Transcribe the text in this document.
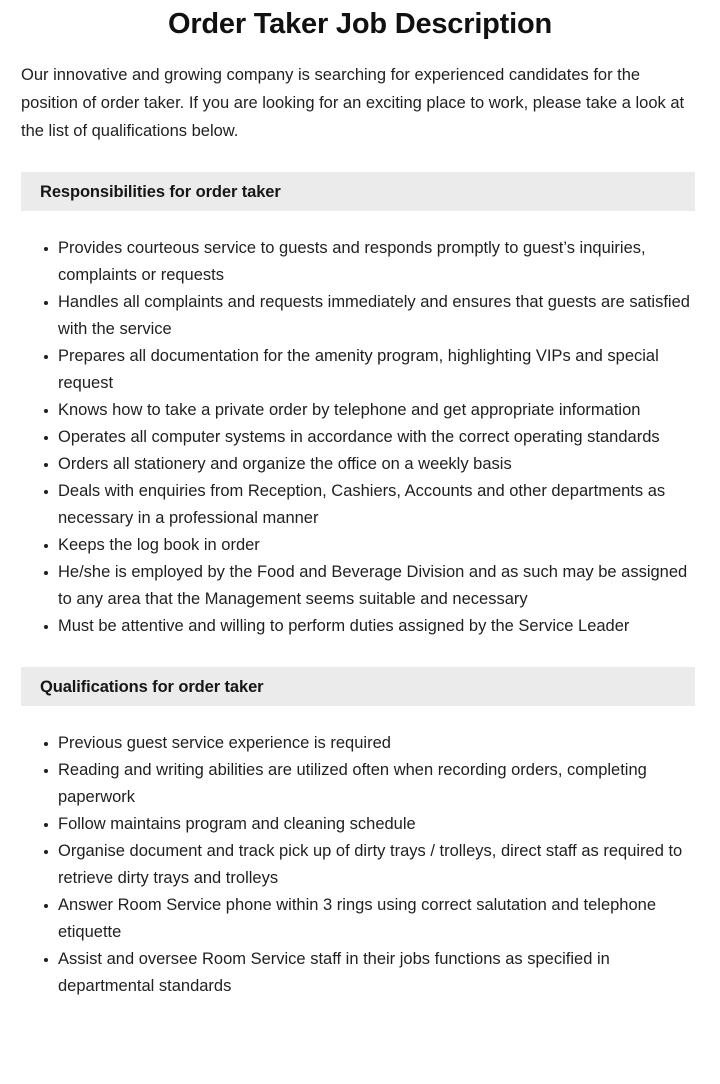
Order Taker Job Description

Our innovative and growing company is searching for experienced candidates for the position of order taker. If you are looking for an exciting place to work, please take a look at the list of qualifications below.

Responsibilities for order taker
Provides courteous service to guests and responds promptly to guest’s inquiries, complaints or requests
Handles all complaints and requests immediately and ensures that guests are satisfied with the service
Prepares all documentation for the amenity program, highlighting VIPs and special request
Knows how to take a private order by telephone and get appropriate information
Operates all computer systems in accordance with the correct operating standards
Orders all stationery and organize the office on a weekly basis
Deals with enquiries from Reception, Cashiers, Accounts and other departments as necessary in a professional manner
Keeps the log book in order
He/she is employed by the Food and Beverage Division and as such may be assigned to any area that the Management seems suitable and necessary
Must be attentive and willing to perform duties assigned by the Service Leader
Qualifications for order taker
Previous guest service experience is required
Reading and writing abilities are utilized often when recording orders, completing paperwork
Follow maintains program and cleaning schedule
Organise document and track pick up of dirty trays / trolleys, direct staff as required to retrieve dirty trays and trolleys
Answer Room Service phone within 3 rings using correct salutation and telephone etiquette
Assist and oversee Room Service staff in their jobs functions as specified in departmental standards
